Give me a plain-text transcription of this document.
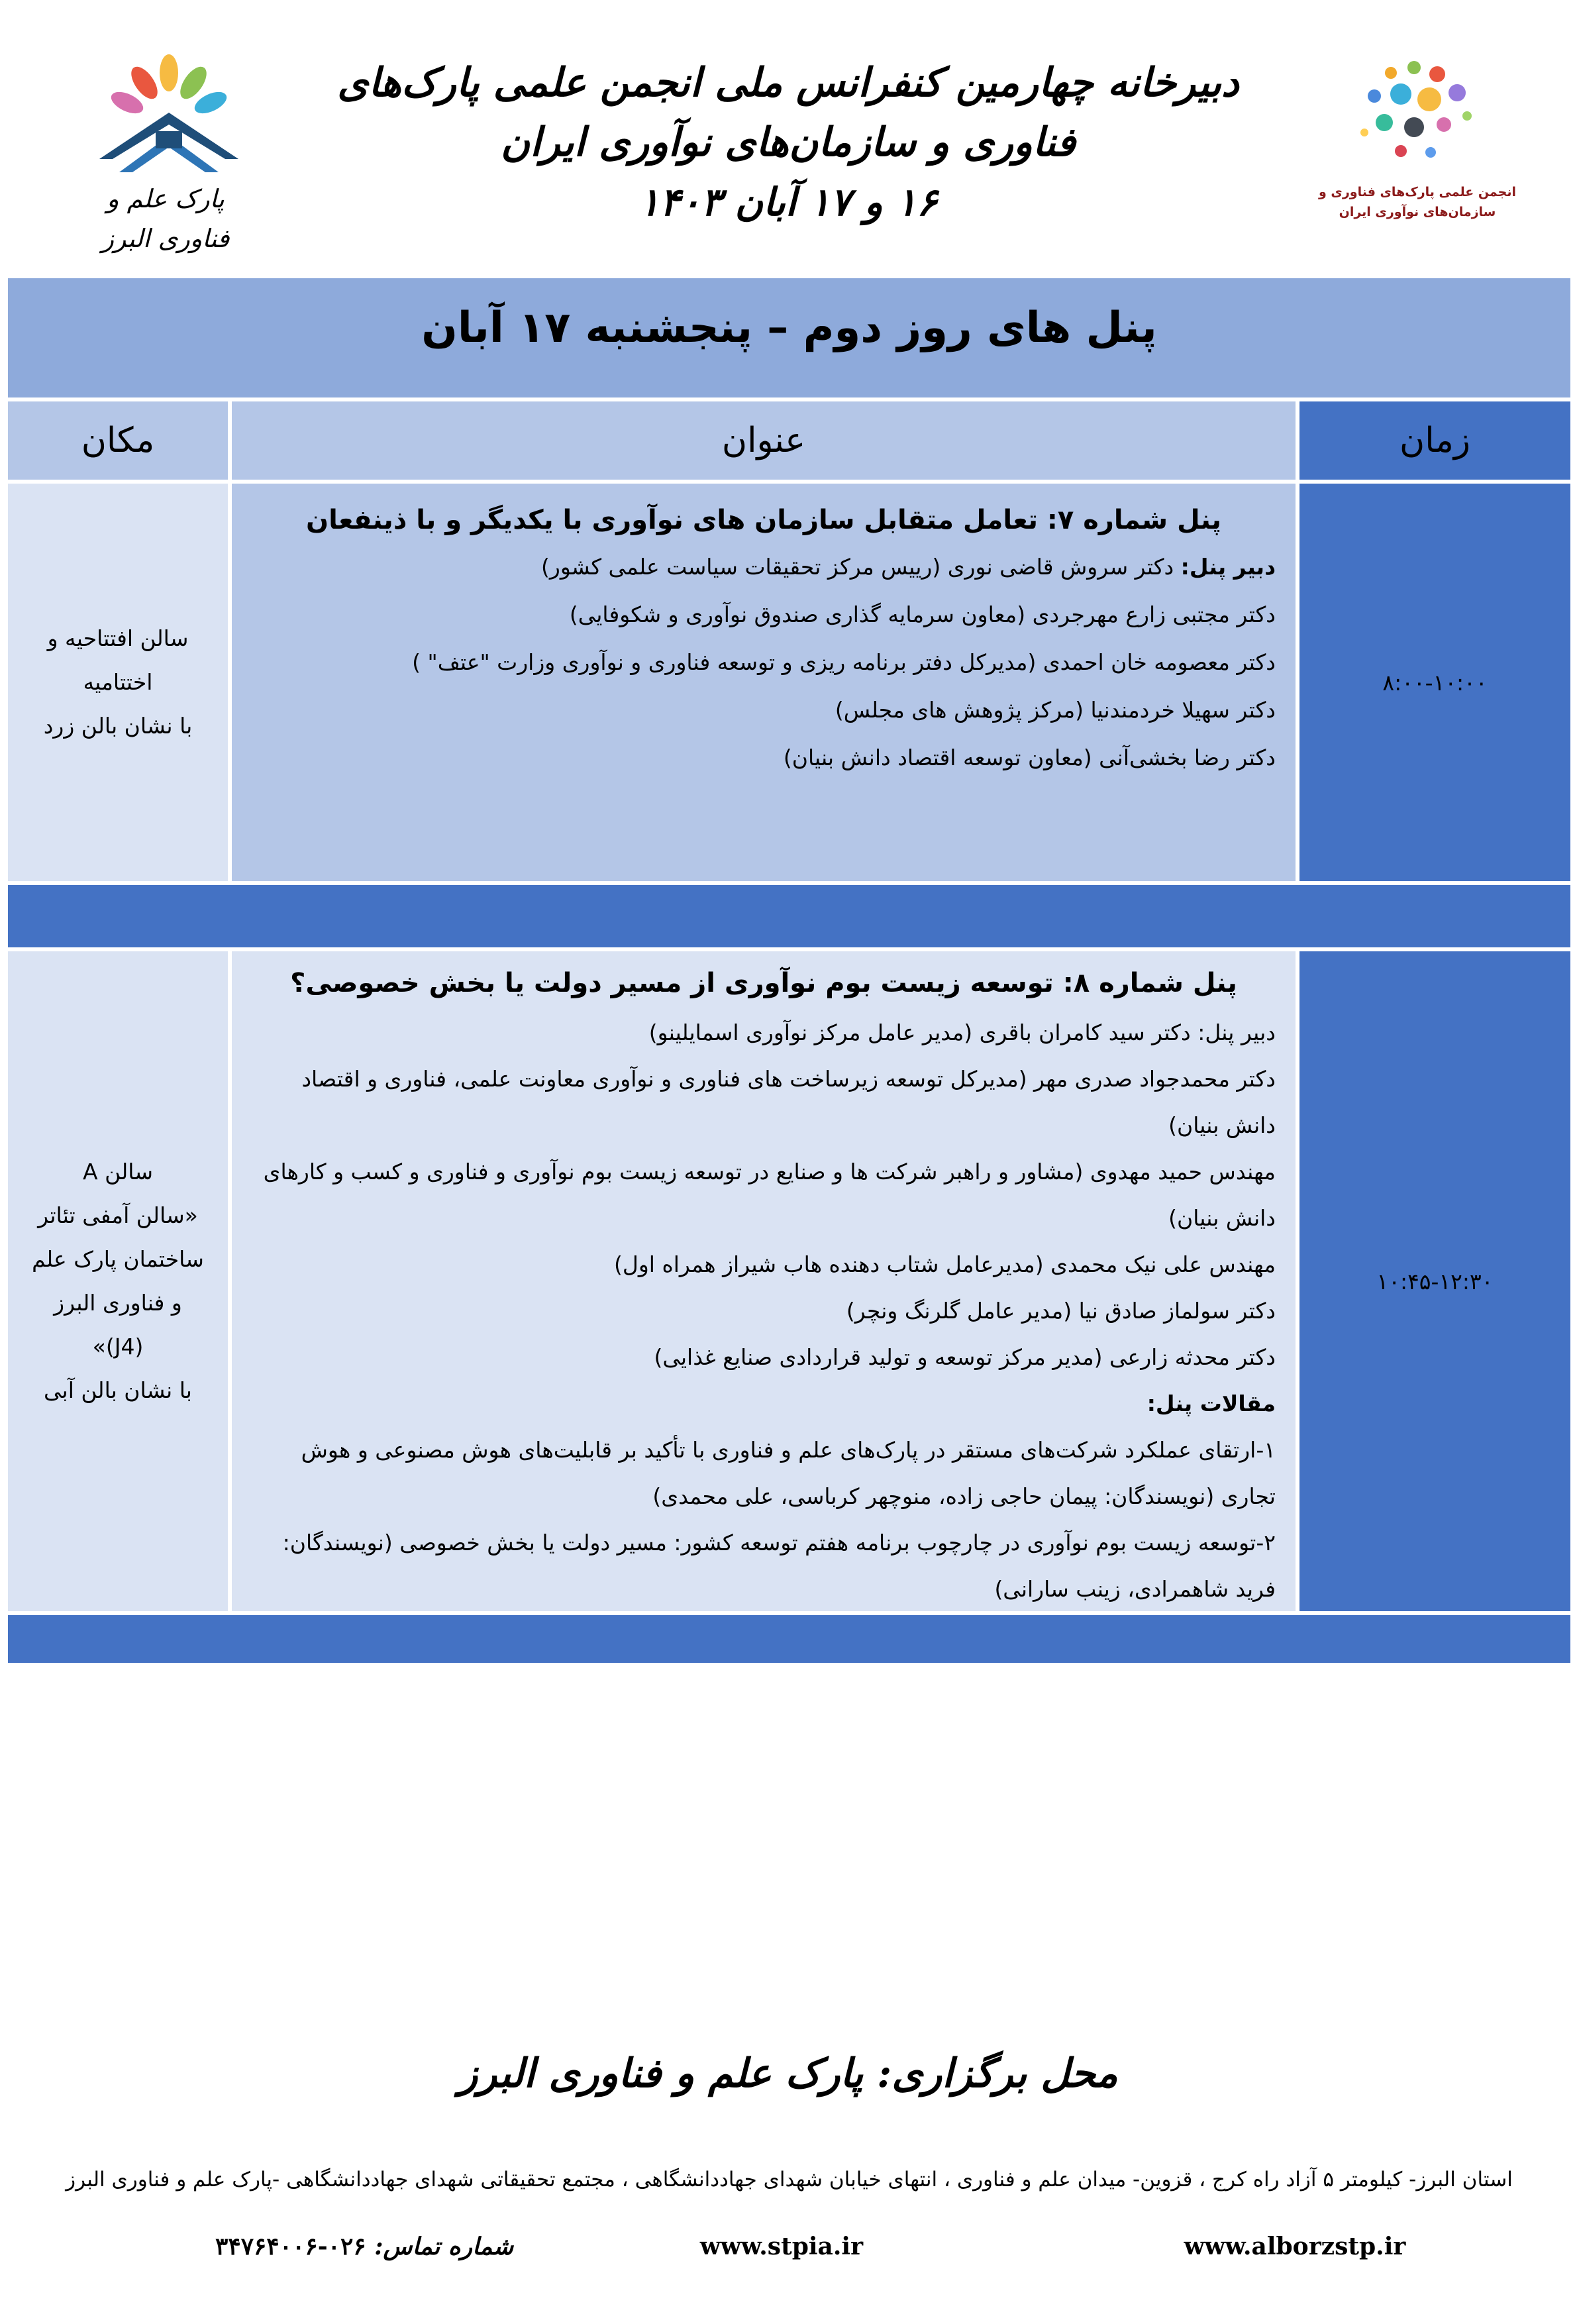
انجمن علمی پارک‌های فناوری و سازمان‌های نوآوری ایران
پارک علم و فناوری البرز
دبیرخانه چهارمین کنفرانس ملی انجمن علمی پارک‌های فناوری و سازمان‌های نوآوری ایران
۱۶ و ۱۷ آبان ۱۴۰۳
پنل های روز دوم – پنجشنبه ۱۷ آبان
زمان
عنوان
مکان
۸:۰۰-۱۰:۰۰

پنل شماره ۷: تعامل متقابل سازمان های نوآوری با یکدیگر و با ذینفعان

دبیر پنل: دکتر سروش قاضی نوری (رییس مرکز تحقیقات سیاست علمی کشور)

دکتر مجتبی زارع مهرجردی (معاون سرمایه گذاری صندوق نوآوری و شکوفایی)

دکتر معصومه خان احمدی (مدیرکل دفتر برنامه ریزی و توسعه فناوری و نوآوری وزارت "عتف" )

دکتر سهیلا خردمندنیا (مرکز پژوهش های مجلس)

دکتر رضا بخشی‌آنی (معاون توسعه اقتصاد دانش بنیان)

سالن افتتاحیه و
اختتامیه
با نشان بالن زرد
۱۰:۴۵-۱۲:۳۰

پنل شماره ۸: توسعه زیست بوم نوآوری از مسیر دولت یا بخش خصوصی؟

دبیر پنل: دکتر سید کامران باقری (مدیر عامل مرکز نوآوری اسمایلینو)

دکتر محمدجواد صدری مهر (مدیرکل توسعه زیرساخت های فناوری و نوآوری معاونت علمی، فناوری و اقتصاد دانش بنیان)

مهندس حمید مهدوی (مشاور و راهبر شرکت ها و صنایع در توسعه زیست بوم نوآوری و فناوری و کسب و کارهای دانش بنیان)

مهندس علی نیک محمدی (مدیرعامل شتاب دهنده هاب شیراز همراه اول)

دکتر سولماز صادق نیا (مدیر عامل گلرنگ ونچر)

دکتر محدثه زارعی (مدیر مرکز توسعه و تولید قراردادی صنایع غذایی)

مقالات پنل:

۱-ارتقای عملکرد شرکت‌های مستقر در پارک‌های علم و فناوری با تأکید بر قابلیت‌های هوش مصنوعی و هوش تجاری (نویسندگان: پیمان حاجی زاده، منوچهر کرباسی، علی محمدی)

۲-توسعه زیست بوم نوآوری در چارچوب برنامه هفتم توسعه کشور: مسیر دولت یا بخش خصوصی (نویسندگان: فرید شاهمرادی، زینب سارانی)

سالن A
«سالن آمفی تئاتر
ساختمان پارک علم
و فناوری البرز
(J4)»
با نشان بالن آبی
محل برگزاری: پارک علم و فناوری البرز
استان البرز- کیلومتر ۵ آزاد راه کرج ، قزوین- میدان علم و فناوری ، انتهای خیابان شهدای جهاددانشگاهی ، مجتمع تحقیقاتی شهدای جهاددانشگاهی -پارک علم و فناوری البرز
www.alborzstp.ir
www.stpia.ir
شماره تماس: ۰۲۶-۳۴۷۶۴۰۰۶
